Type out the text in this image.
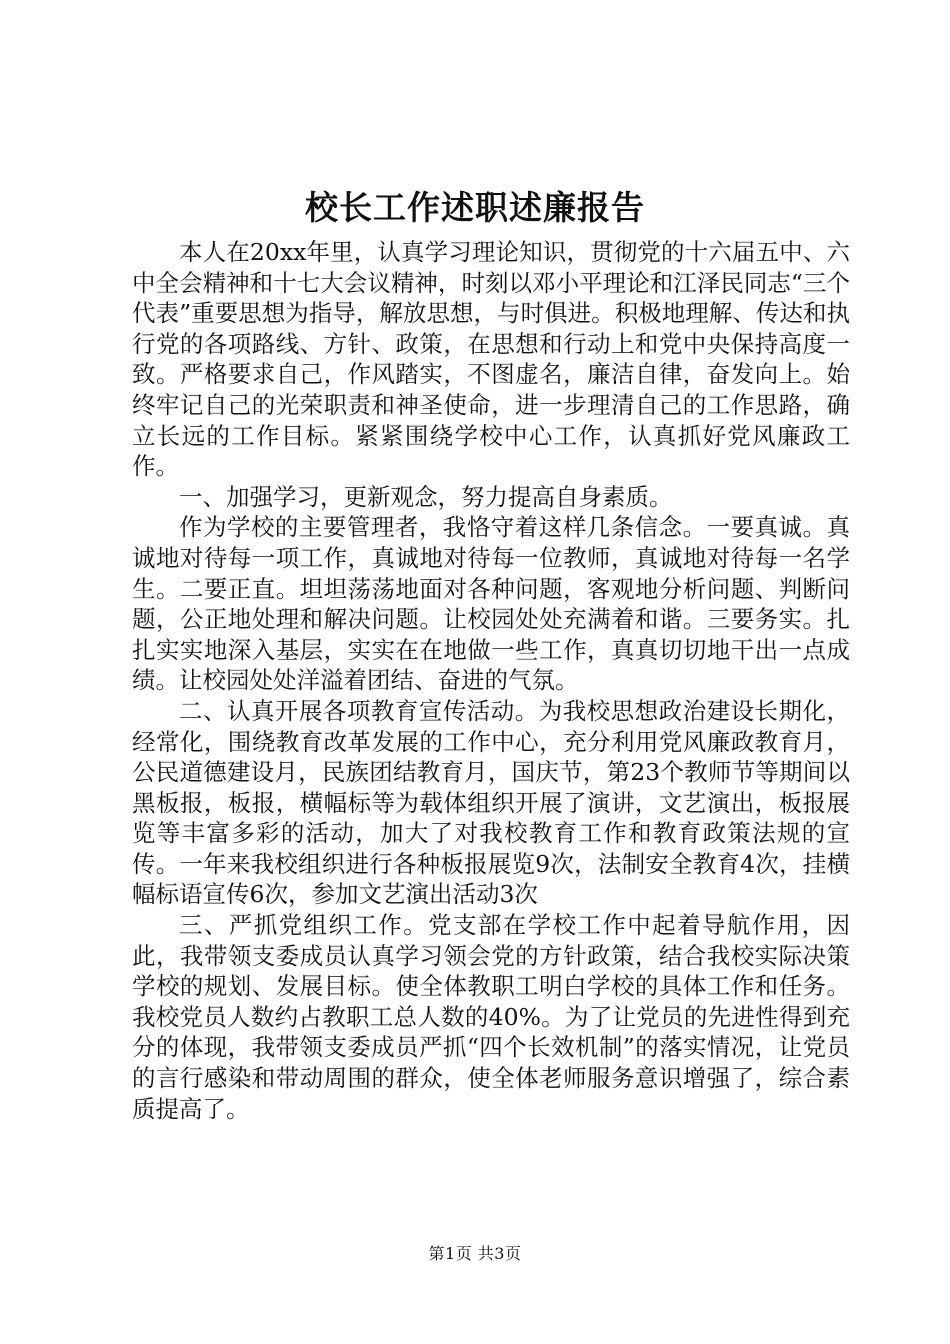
校长工作述职述廉报告

本人在20xx年里，认真学习理论知识，贯彻党的十六届五中、六中全会精神和十七大会议精神，时刻以邓小平理论和江泽民同志“三个代表”重要思想为指导，解放思想，与时俱进。积极地理解、传达和执行党的各项路线、方针、政策，在思想和行动上和党中央保持高度一致。严格要求自己，作风踏实，不图虚名，廉洁自律，奋发向上。始终牢记自己的光荣职责和神圣使命，进一步理清自己的工作思路，确立长远的工作目标。紧紧围绕学校中心工作，认真抓好党风廉政工作。

一、加强学习，更新观念，努力提高自身素质。

作为学校的主要管理者，我恪守着这样几条信念。一要真诚。真诚地对待每一项工作，真诚地对待每一位教师，真诚地对待每一名学生。二要正直。坦坦荡荡地面对各种问题，客观地分析问题、判断问题，公正地处理和解决问题。让校园处处充满着和谐。三要务实。扎扎实实地深入基层，实实在在地做一些工作，真真切切地干出一点成绩。让校园处处洋溢着团结、奋进的气氛。

二、认真开展各项教育宣传活动。为我校思想政治建设长期化，经常化，围绕教育改革发展的工作中心，充分利用党风廉政教育月，公民道德建设月，民族团结教育月，国庆节，第23个教师节等期间以黑板报，板报，横幅标等为载体组织开展了演讲，文艺演出，板报展览等丰富多彩的活动，加大了对我校教育工作和教育政策法规的宣传。一年来我校组织进行各种板报展览9次，法制安全教育4次，挂横幅标语宣传6次，参加文艺演出活动3次

三、严抓党组织工作。党支部在学校工作中起着导航作用，因此，我带领支委成员认真学习领会党的方针政策，结合我校实际决策学校的规划、发展目标。使全体教职工明白学校的具体工作和任务。我校党员人数约占教职工总人数的40%。为了让党员的先进性得到充分的体现，我带领支委成员严抓“四个长效机制”的落实情况，让党员的言行感染和带动周围的群众，使全体老师服务意识增强了，综合素质提高了。

第1页 共3页
